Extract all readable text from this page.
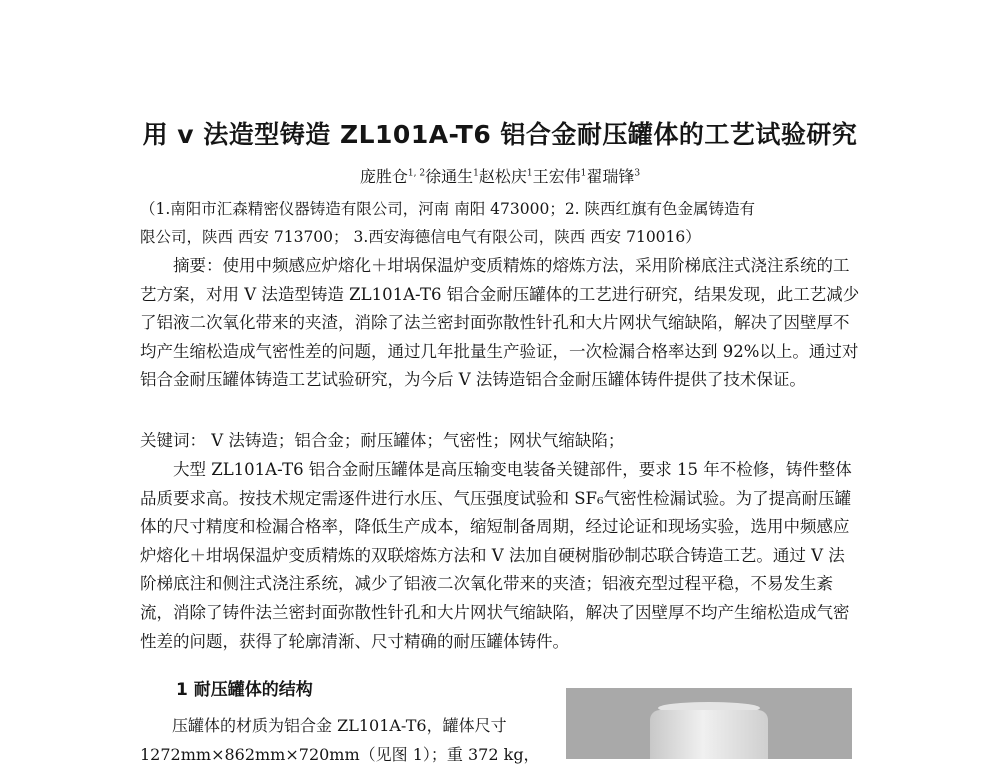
用 v 法造型铸造 ZL101A-T6 铝合金耐压罐体的工艺试验研究
庞胜仓$^{1, 2}$徐通生$^1$赵松庆$^1$王宏伟$^1$翟瑞锋$^3$
（1.南阳市汇森精密仪器铸造有限公司，河南 南阳 473000；2. 陕西红旗有色金属铸造有
限公司，陕西 西安 713700； 3.西安海德信电气有限公司，陕西 西安 710016）

摘要：使用中频感应炉熔化＋坩埚保温炉变质精炼的熔炼方法，采用阶梯底注式浇注系统的工艺方案，对用 V 法造型铸造 ZL101A-T6 铝合金耐压罐体的工艺进行研究，结果发现，此工艺减少了铝液二次氧化带来的夹渣，消除了法兰密封面弥散性针孔和大片网状气缩缺陷，解决了因壁厚不均产生缩松造成气密性差的问题，通过几年批量生产验证，一次检漏合格率达到 92%以上。通过对铝合金耐压罐体铸造工艺试验研究，为今后 V 法铸造铝合金耐压罐体铸件提供了技术保证。

关键词： V 法铸造；铝合金；耐压罐体；气密性；网状气缩缺陷；

大型 ZL101A-T6 铝合金耐压罐体是高压输变电装备关键部件，要求 15 年不检修，铸件整体品质要求高。按技术规定需逐件进行水压、气压强度试验和 SF₆气密性检漏试验。为了提高耐压罐体的尺寸精度和检漏合格率，降低生产成本，缩短制备周期，经过论证和现场实验，选用中频感应炉熔化＋坩埚保温炉变质精炼的双联熔炼方法和 V 法加自硬树脂砂制芯联合铸造工艺。通过 V 法阶梯底注和侧注式浇注系统，减少了铝液二次氧化带来的夹渣；铝液充型过程平稳，不易发生紊流，消除了铸件法兰密封面弥散性针孔和大片网状气缩缺陷，解决了因壁厚不均产生缩松造成气密性差的问题，获得了轮廓清渐、尺寸精确的耐压罐体铸件。

1 耐压罐体的结构

压罐体的材质为铝合金 ZL101A-T6，罐体尺寸 1272mm×862mm×720mm（见图 1）；重 372 kg，
